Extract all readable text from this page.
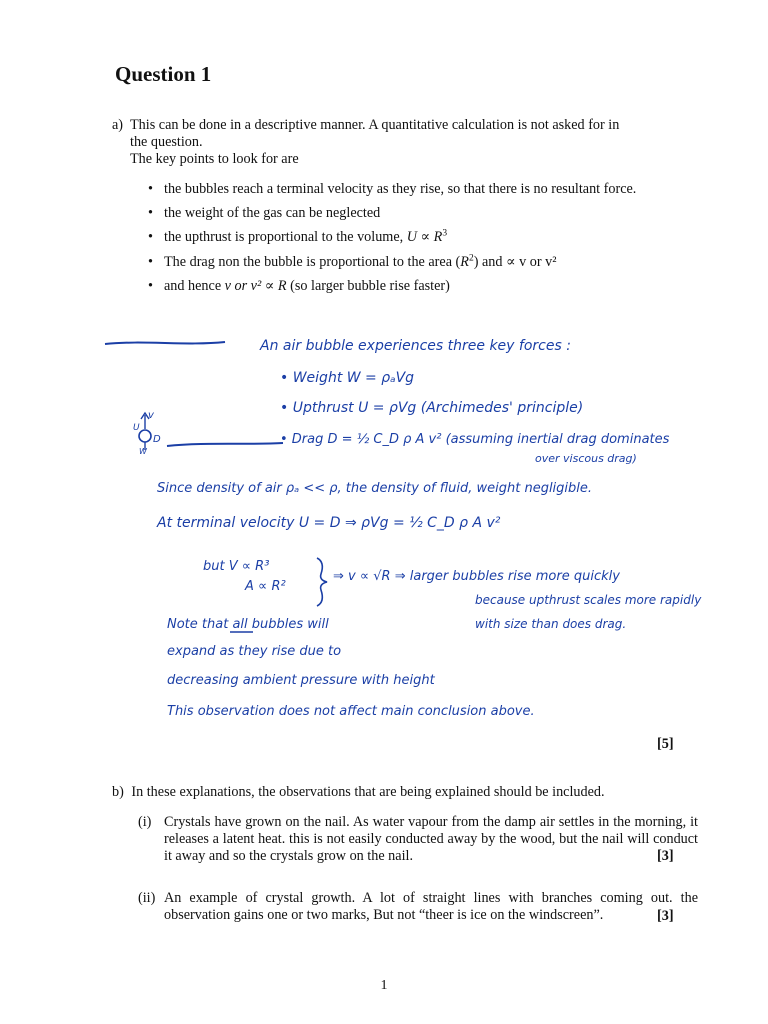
Question 1
a) This can be done in a descriptive manner. A quantitative calculation is not asked for in
the question.
The key points to look for are
• the bubbles reach a terminal velocity as they rise, so that there is no resultant force.
• the weight of the gas can be neglected
• the upthrust is proportional to the volume, $U \propto R^3$
• The drag non the bubble is proportional to the area $(R^2)$ and ∝ v or v²
• and hence v or v² ∝ R (so larger bubble rise faster)
v
U
D
W
An air bubble experiences three key forces :
• Weight W = ρₐVg
• Upthrust U = ρVg (Archimedes' principle)
• Drag D = ½ C_D ρ A v² (assuming inertial drag dominates
over viscous drag)
Since density of air ρₐ << ρ, the density of fluid, weight negligible.
At terminal velocity U = D ⇒ ρVg = ½ C_D ρ A v²
but V ∝ R³
A ∝ R²
⇒ v ∝ √R ⇒ larger bubbles rise more quickly
because upthrust scales more rapidly
with size than does drag.
Note that all bubbles will
expand as they rise due to
decreasing ambient pressure with height
This observation does not affect main conclusion above.
[5]
b) In these explanations, the observations that are being explained should be included.
(i) Crystals have grown on the nail. As water vapour from the damp air settles in the morning, it releases a latent heat. this is not easily conducted away by the wood, but the nail will conduct it away and so the crystals grow on the nail.	[3]
(ii) An example of crystal growth. A lot of straight lines with branches coming out. the observation gains one or two marks, But not “theer is ice on the windscreen”.	[3]
1
